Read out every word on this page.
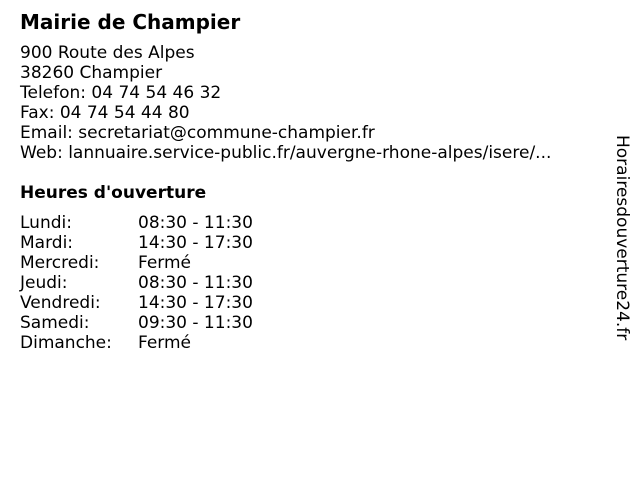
Mairie de Champier
900 Route des Alpes
38260 Champier
Telefon: 04 74 54 46 32
Fax: 04 74 54 44 80
Email: secretariat@commune-champier.fr
Web: lannuaire.service-public.fr/auvergne-rhone-alpes/isere/...
Heures d'ouverture
Lundi:	08:30 - 11:30
Mardi:	14:30 - 17:30
Mercredi: Fermé
Jeudi:	08:30 - 11:30
Vendredi: 14:30 - 17:30
Samedi:	09:30 - 11:30
Dimanche: Fermé
Horairesdouverture24.fr
